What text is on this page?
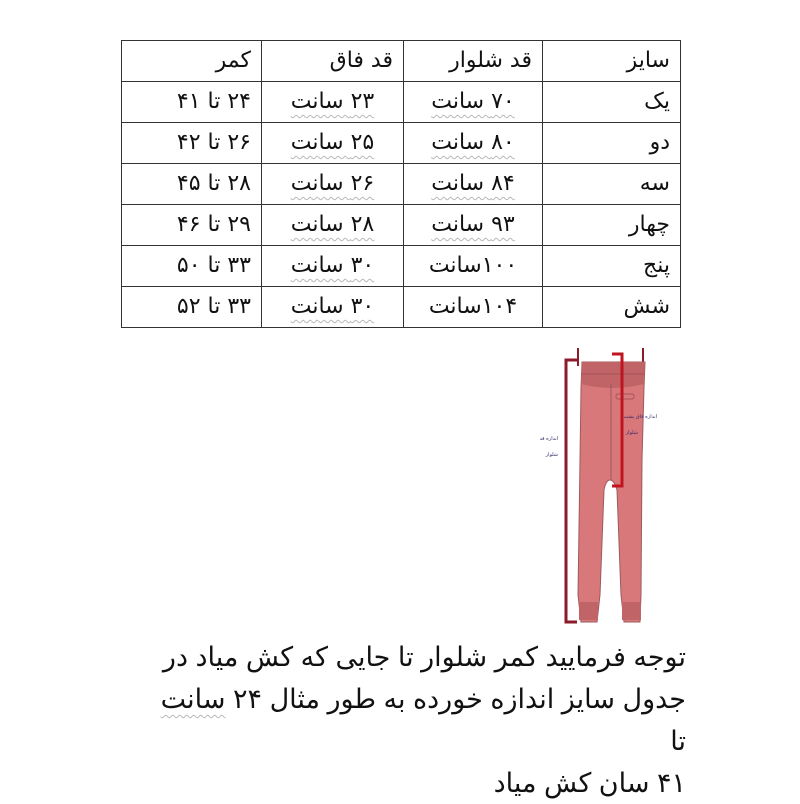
سایز	قد شلوار	قد فاق	کمر
یک	۷۰ سانت	۲۳ سانت	۲۴ تا ۴۱
دو	۸۰ سانت	۲۵ سانت	۲۶ تا ۴۲
سه	۸۴ سانت	۲۶ سانت	۲۸ تا ۴۵
چهار	۹۳ سانت	۲۸ سانت	۲۹ تا ۴۶
پنج	۱۰۰سانت	۳۰ سانت	۳۳ تا ۵۰
شش	۱۰۴سانت	۳۰ سانت	۳۳ تا ۵۲
اندازه قد
شلوار
اندازه فاق پشت
شلوار

توجه فرمایید کمر شلوار تا جایی که کش میاد در

جدول سایز اندازه خورده به طور مثال ۲۴ سانت تا

۴۱ سان کش میاد
